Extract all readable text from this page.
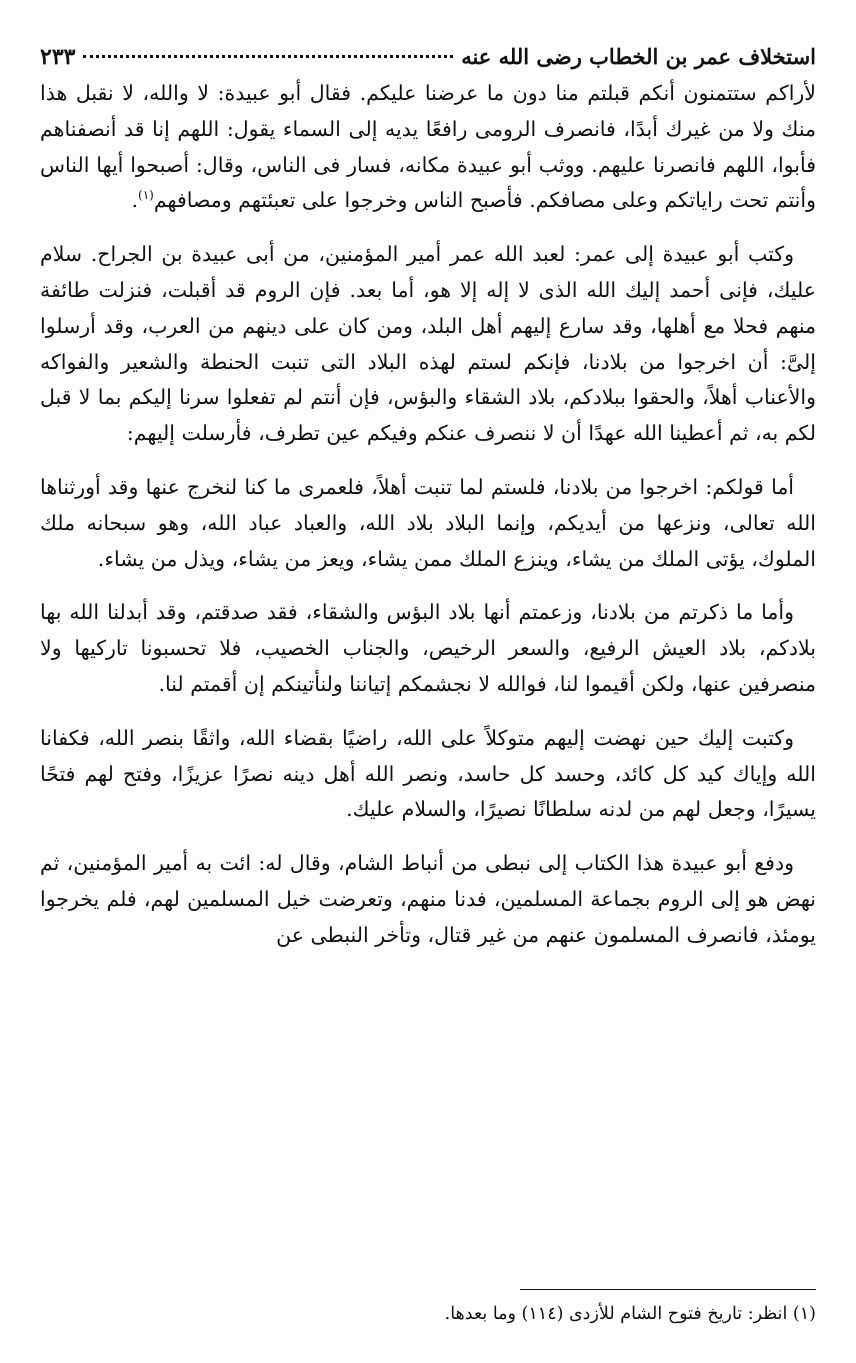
استخلاف عمر بن الخطاب رضى الله عنه
٢٣٣

لأراكم ستتمنون أنكم قبلتم منا دون ما عرضنا عليكم. فقال أبو عبيدة: لا والله، لا نقبل هذا منك ولا من غيرك أبدًا، فانصرف الرومى رافعًا يديه إلى السماء يقول: اللهم إنا قد أنصفناهم فأبوا، اللهم فانصرنا عليهم. ووثب أبو عبيدة مكانه، فسار فى الناس، وقال: أصبحوا أيها الناس وأنتم تحت راياتكم وعلى مصافكم. فأصبح الناس وخرجوا على تعبئتهم ومصافهم$^{(١)}$.

وكتب أبو عبيدة إلى عمر: لعبد الله عمر أمير المؤمنين، من أبى عبيدة بن الجراح. سلام عليك، فإنى أحمد إليك الله الذى لا إله إلا هو، أما بعد. فإن الروم قد أقبلت، فنزلت طائفة منهم فحلا مع أهلها، وقد سارع إليهم أهل البلد، ومن كان على دينهم من العرب، وقد أرسلوا إلىَّ: أن اخرجوا من بلادنا، فإنكم لستم لهذه البلاد التى تنبت الحنطة والشعير والفواكه والأعناب أهلاً، والحقوا ببلادكم، بلاد الشقاء والبؤس، فإن أنتم لم تفعلوا سرنا إليكم بما لا قبل لكم به، ثم أعطينا الله عهدًا أن لا ننصرف عنكم وفيكم عين تطرف، فأرسلت إليهم:

أما قولكم: اخرجوا من بلادنا، فلستم لما تنبت أهلاً، فلعمرى ما كنا لنخرج عنها وقد أورثناها الله تعالى، ونزعها من أيديكم، وإنما البلاد بلاد الله، والعباد عباد الله، وهو سبحانه ملك الملوك، يؤتى الملك من يشاء، وينزع الملك ممن يشاء، ويعز من يشاء، ويذل من يشاء.

وأما ما ذكرتم من بلادنا، وزعمتم أنها بلاد البؤس والشقاء، فقد صدقتم، وقد أبدلنا الله بها بلادكم، بلاد العيش الرفيع، والسعر الرخيص، والجناب الخصيب، فلا تحسبونا تاركيها ولا منصرفين عنها، ولكن أقيموا لنا، فوالله لا نجشمكم إتياننا ولنأتينكم إن أقمتم لنا.

وكتبت إليك حين نهضت إليهم متوكلاً على الله، راضيًا بقضاء الله، واثقًا بنصر الله، فكفانا الله وإياك كيد كل كائد، وحسد كل حاسد، ونصر الله أهل دينه نصرًا عزيزًا، وفتح لهم فتحًا يسيرًا، وجعل لهم من لدنه سلطانًا نصيرًا، والسلام عليك.

ودفع أبو عبيدة هذا الكتاب إلى نبطى من أنباط الشام، وقال له: ائت به أمير المؤمنين، ثم نهض هو إلى الروم بجماعة المسلمين، فدنا منهم، وتعرضت خيل المسلمين لهم، فلم يخرجوا يومئذ، فانصرف المسلمون عنهم من غير قتال، وتأخر النبطى عن

(١) انظر: تاريخ فتوح الشام للأزدى (١١٤) وما بعدها.
